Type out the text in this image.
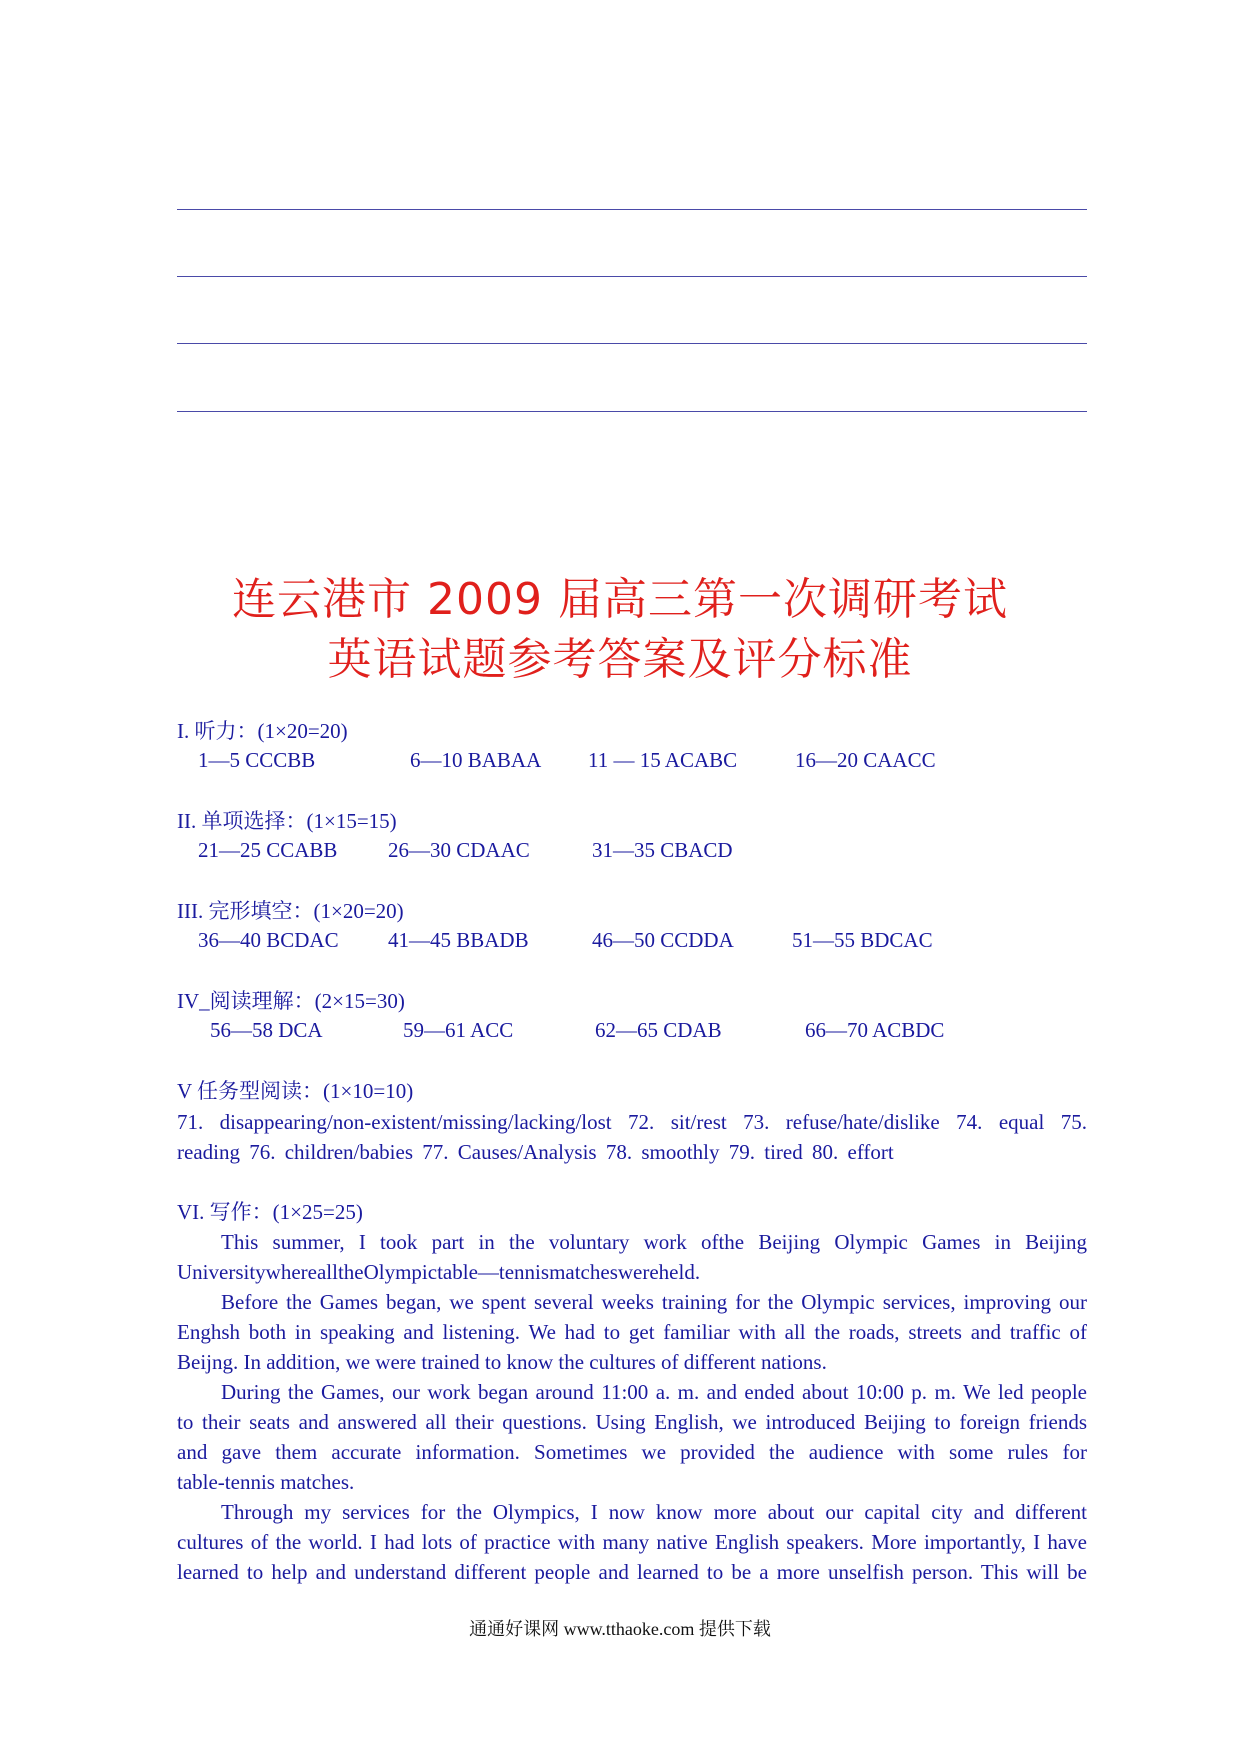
连云港市 2009 届高三第一次调研考试
英语试题参考答案及评分标准
I. 听力：(1×20=20)
1—5 CCCBB	6—10 BABAA 11 — 15 ACABC	16—20 CAACC
II. 单项选择：(1×15=15)
21—25 CCABB 26—30 CDAAC	31—35 CBACD
III. 完形填空：(1×20=20)
36—40 BCDAC 41—45 BBADB	46—50 CCDDA	51—55 BDCAC
IV_阅读理解：(2×15=30)
56—58 DCA	59—61 ACC	62—65 CDAB	66—70 ACBDC
V 任务型阅读：(1×10=10)
71. disappearing/non-existent/missing/lacking/lost 72. sit/rest 73. refuse/hate/dislike 74. equal 75.
reading 76. children/babies 77. Causes/Analysis 78. smoothly 79. tired 80. effort
VI. 写作：(1×25=25)
This summer, I took part in the voluntary work ofthe Beijing Olympic Games in Beijing
UniversitywherealltheOlympictable—tennismatcheswereheld.
Before the Games began, we spent several weeks training for the Olympic services, improving our
Enghsh both in speaking and listening. We had to get familiar with all the roads, streets and traffic of
Beijng. In addition, we were trained to know the cultures of different nations.
During the Games, our work began around 11:00 a. m. and ended about 10:00 p. m. We led people
to their seats and answered all their questions. Using English, we introduced Beijing to foreign friends
and gave them accurate information. Sometimes we provided the audience with some rules for
table-tennis matches.
Through my services for the Olympics, I now know more about our capital city and different
cultures of the world. I had lots of practice with many native English speakers. More importantly, I have
learned to help and understand different people and learned to be a more unselfish person. This will be
通通好课网 www.tthaoke.com 提供下载
